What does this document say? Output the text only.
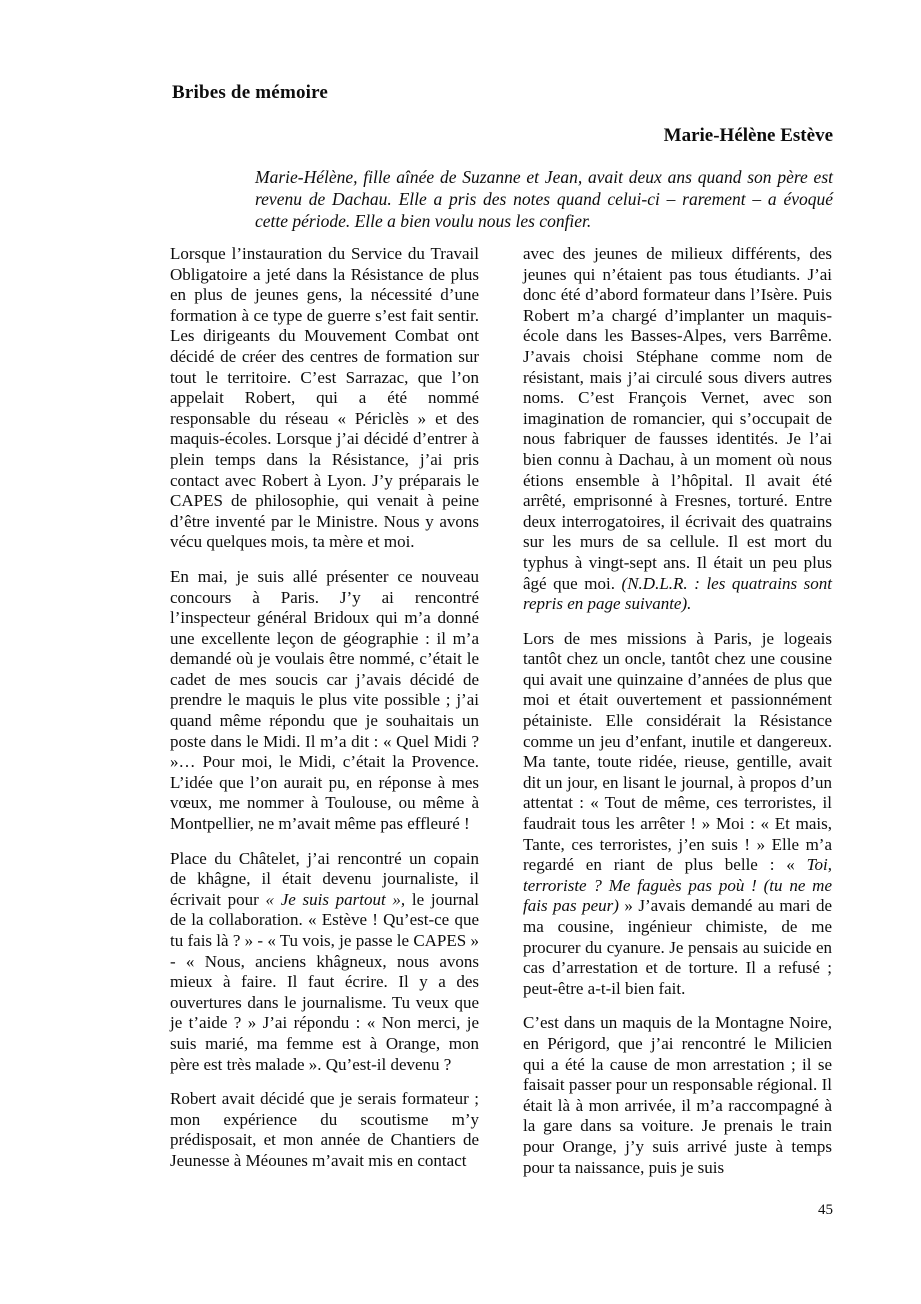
Bribes de mémoire
Marie-Hélène Estève

Marie-Hélène, fille aînée de Suzanne et Jean, avait deux ans quand son père est revenu de Dachau. Elle a pris des notes quand celui-ci – rarement – a évoqué cette période. Elle a bien voulu nous les confier.

Lorsque l’instauration du Service du Travail Obligatoire a jeté dans la Résistance de plus en plus de jeunes gens, la nécessité d’une formation à ce type de guerre s’est fait sentir. Les dirigeants du Mouvement Combat ont décidé de créer des centres de formation sur tout le territoire. C’est Sarrazac, que l’on appelait Robert, qui a été nommé responsable du réseau « Périclès » et des maquis-écoles. Lorsque j’ai décidé d’entrer à plein temps dans la Résistance, j’ai pris contact avec Robert à Lyon. J’y préparais le CAPES de philosophie, qui venait à peine d’être inventé par le Ministre. Nous y avons vécu quelques mois, ta mère et moi.

En mai, je suis allé présenter ce nouveau concours à Paris. J’y ai rencontré l’inspecteur général Bridoux qui m’a donné une excellente leçon de géographie : il m’a demandé où je voulais être nommé, c’était le cadet de mes soucis car j’avais décidé de prendre le maquis le plus vite possible ; j’ai quand même répondu que je souhaitais un poste dans le Midi. Il m’a dit : « Quel Midi ? »… Pour moi, le Midi, c’était la Provence. L’idée que l’on aurait pu, en réponse à mes vœux, me nommer à Toulouse, ou même à Montpellier, ne m’avait même pas effleuré !

Place du Châtelet, j’ai rencontré un copain de khâgne, il était devenu journaliste, il écrivait pour « Je suis partout », le journal de la collaboration. « Estève ! Qu’est-ce que tu fais là ? » - « Tu vois, je passe le CAPES » - « Nous, anciens khâgneux, nous avons mieux à faire. Il faut écrire. Il y a des ouvertures dans le journalisme. Tu veux que je t’aide ? » J’ai répondu : « Non merci, je suis marié, ma femme est à Orange, mon père est très malade ». Qu’est-il devenu ?

Robert avait décidé que je serais formateur ; mon expérience du scoutisme m’y prédisposait, et mon année de Chantiers de Jeunesse à Méounes m’avait mis en contact

avec des jeunes de milieux différents, des jeunes qui n’étaient pas tous étudiants. J’ai donc été d’abord formateur dans l’Isère. Puis Robert m’a chargé d’implanter un maquis-école dans les Basses-Alpes, vers Barrême. J’avais choisi Stéphane comme nom de résistant, mais j’ai circulé sous divers autres noms. C’est François Vernet, avec son imagination de romancier, qui s’occupait de nous fabriquer de fausses identités. Je l’ai bien connu à Dachau, à un moment où nous étions ensemble à l’hôpital. Il avait été arrêté, emprisonné à Fresnes, torturé. Entre deux interrogatoires, il écrivait des quatrains sur les murs de sa cellule. Il est mort du typhus à vingt-sept ans. Il était un peu plus âgé que moi. (N.D.L.R. : les quatrains sont repris en page suivante).

Lors de mes missions à Paris, je logeais tantôt chez un oncle, tantôt chez une cousine qui avait une quinzaine d’années de plus que moi et était ouvertement et passionnément pétainiste. Elle considérait la Résistance comme un jeu d’enfant, inutile et dangereux. Ma tante, toute ridée, rieuse, gentille, avait dit un jour, en lisant le journal, à propos d’un attentat : « Tout de même, ces terroristes, il faudrait tous les arrêter ! » Moi : « Et mais, Tante, ces terroristes, j’en suis ! » Elle m’a regardé en riant de plus belle : « Toi, terroriste ? Me faguès pas poù ! (tu ne me fais pas peur) » J’avais demandé au mari de ma cousine, ingénieur chimiste, de me procurer du cyanure. Je pensais au suicide en cas d’arrestation et de torture. Il a refusé ; peut-être a-t-il bien fait.

C’est dans un maquis de la Montagne Noire, en Périgord, que j’ai rencontré le Milicien qui a été la cause de mon arrestation ; il se faisait passer pour un responsable régional. Il était là à mon arrivée, il m’a raccompagné à la gare dans sa voiture. Je prenais le train pour Orange, j’y suis arrivé juste à temps pour ta naissance, puis je suis

45
